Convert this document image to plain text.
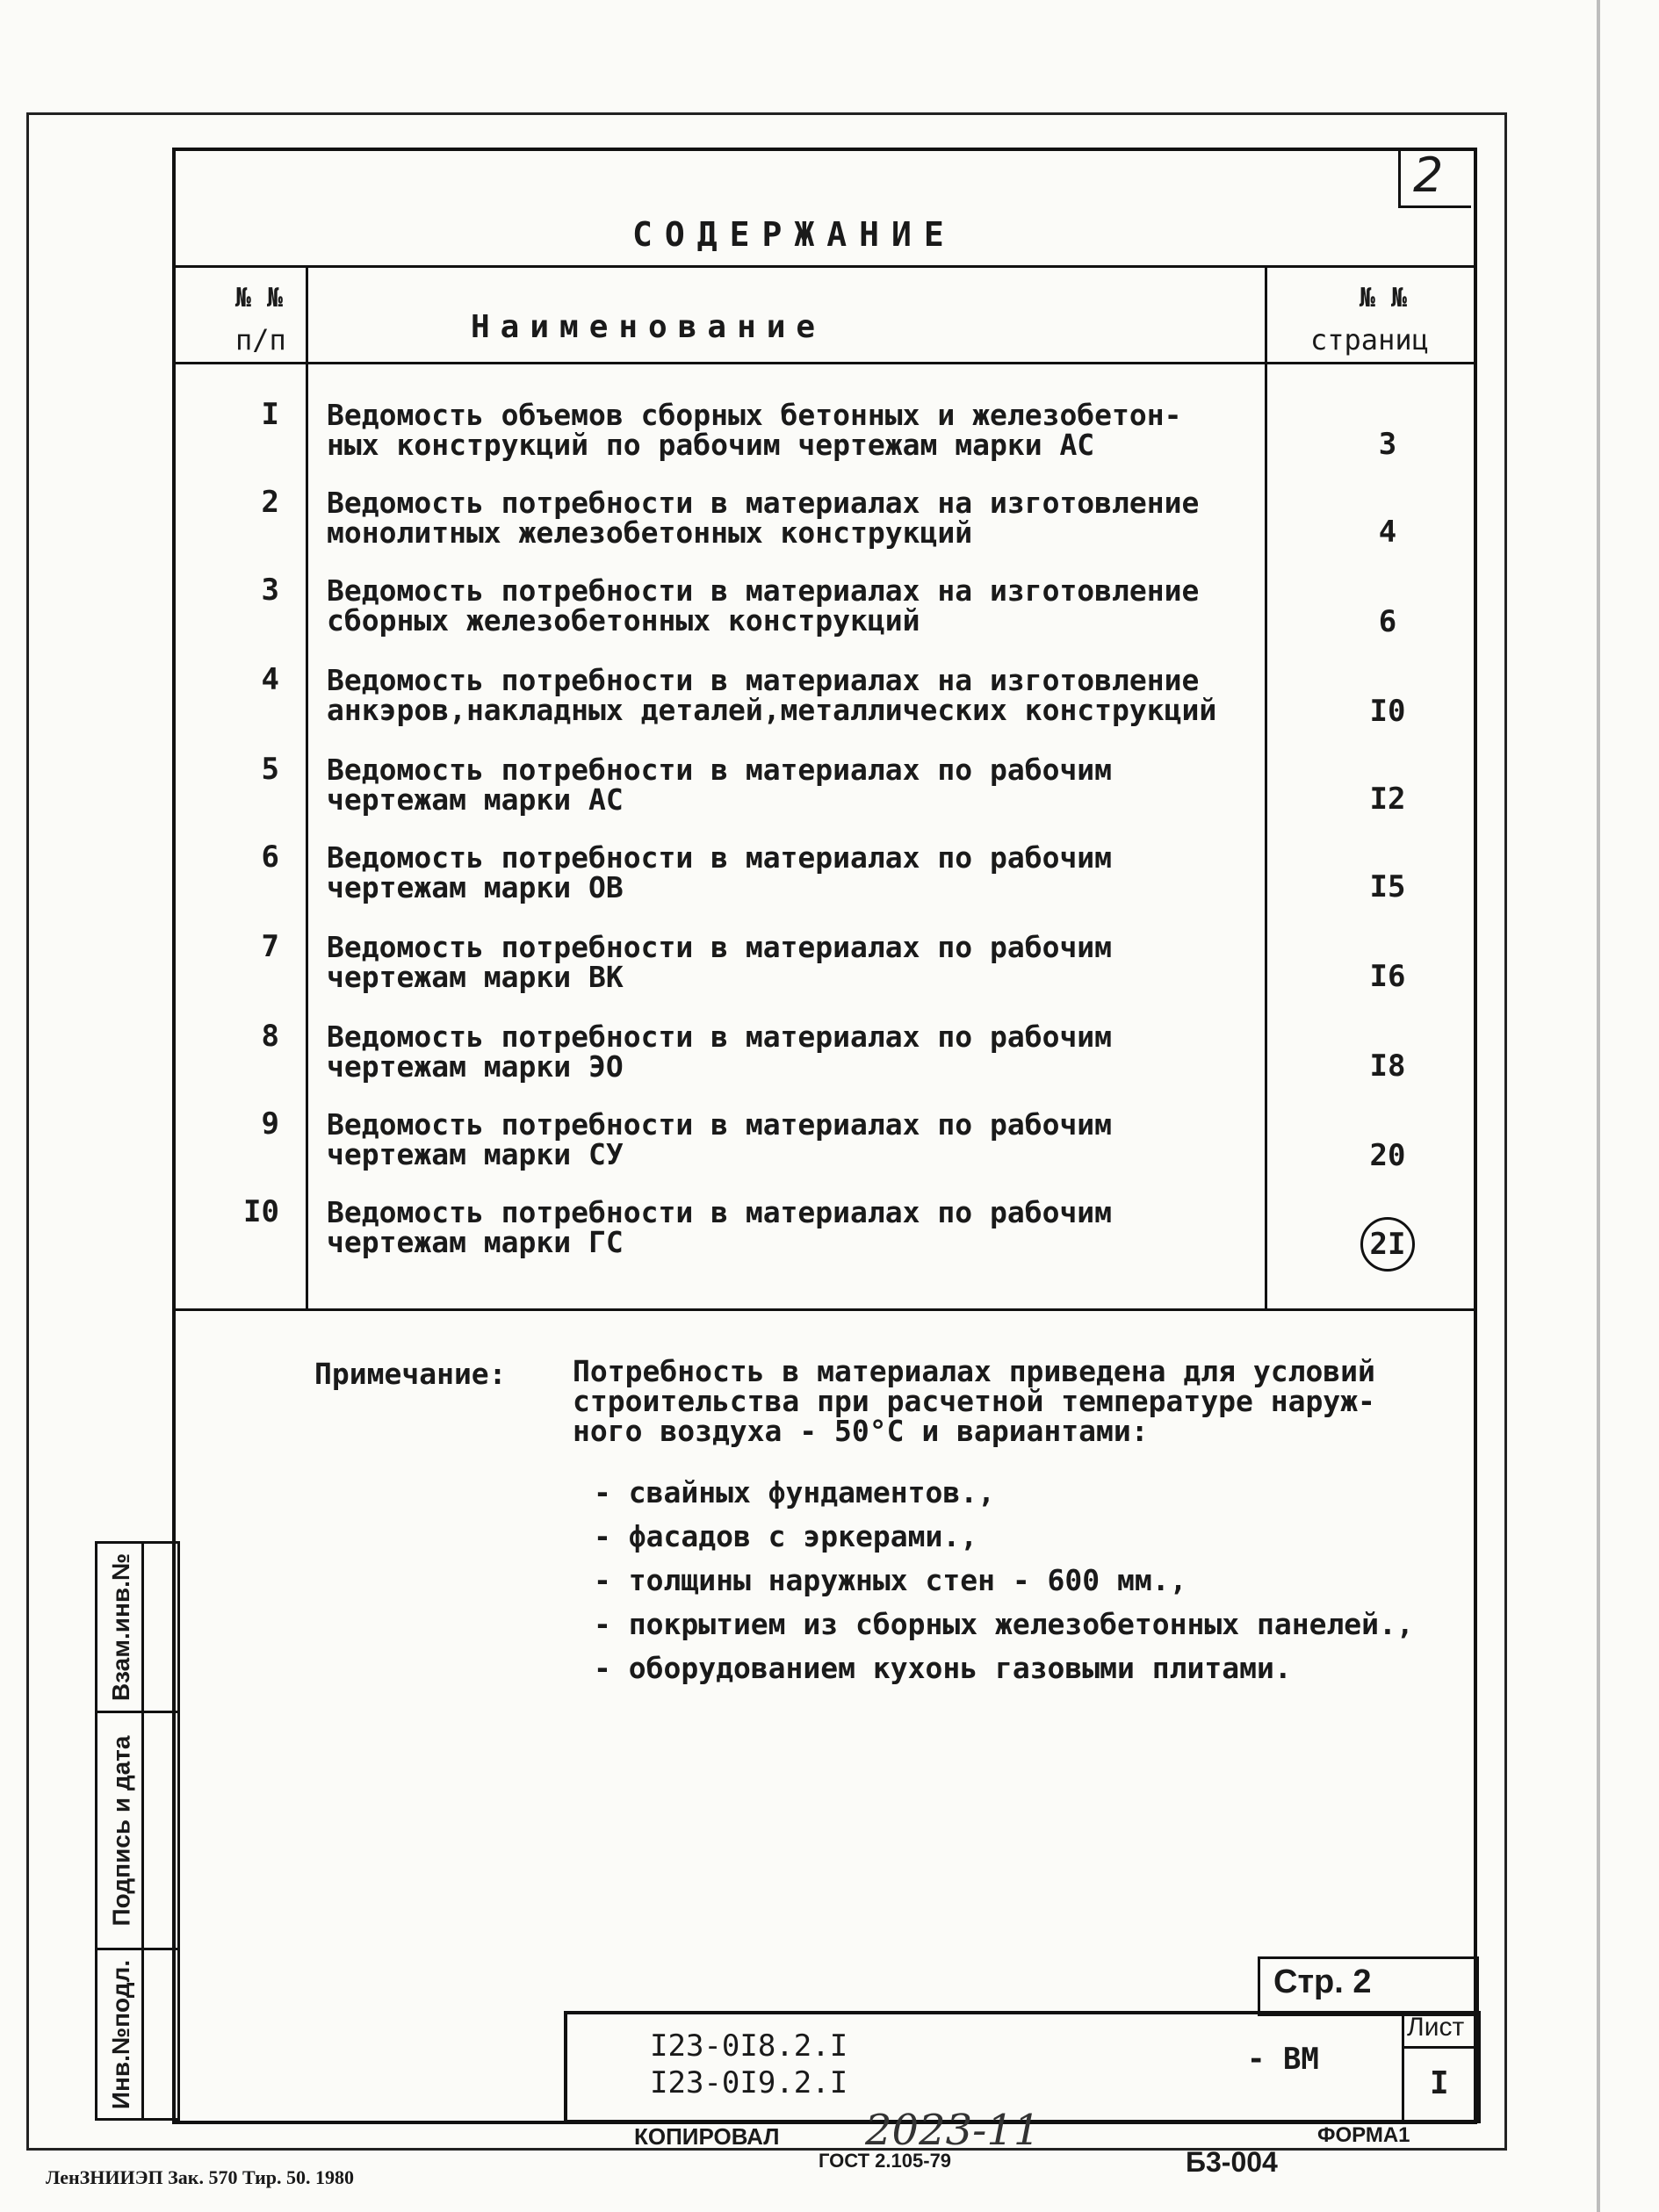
2
СОДЕРЖАНИЕ
№ №
п/п	Наименование
№ №
страниц
I Ведомость объемов сборных бетонных и железобетон-
ных конструкций по рабочим чертежам марки АС	3
2 Ведомость потребности в материалах на изготовление
монолитных железобетонных конструкций	4
3 Ведомость потребности в материалах на изготовление
сборных железобетонных конструкций	6
4 Ведомость потребности в материалах на изготовление
анкэров,накладных деталей,металлических конструкций	I0
5 Ведомость потребности в материалах по рабочим
чертежам марки АС	I2
6 Ведомость потребности в материалах по рабочим
чертежам марки ОВ	I5
7 Ведомость потребности в материалах по рабочим
чертежам марки ВК	I6
8 Ведомость потребности в материалах по рабочим
чертежам марки ЭО	I8
9 Ведомость потребности в материалах по рабочим
чертежам марки СУ	20
I0 Ведомость потребности в материалах по рабочим
чертежам марки ГС	2I
Примечание: Потребность в материалах приведена для условий
строительства при расчетной температуре наруж-
ного воздуха - 50°С и вариантами:
- свайных фундаментов.,
- фасадов с эркерами.,
- толщины наружных стен - 600 мм.,
- покрытием из сборных железобетонных панелей.,
- оборудованием кухонь газовыми плитами.
Взам.инв.№
Подпись и дата
Инв.№подл.	Стр. 2
I23-0I8.2.I
I23-0I9.2.I
- ВМ
Лист
I
КОПИРОВАЛ 2023-11	ФОРМА1
ГОСТ 2.105-79	Б3-004
ЛенЗНИИЭП Зак. 570 Тир. 50. 1980
